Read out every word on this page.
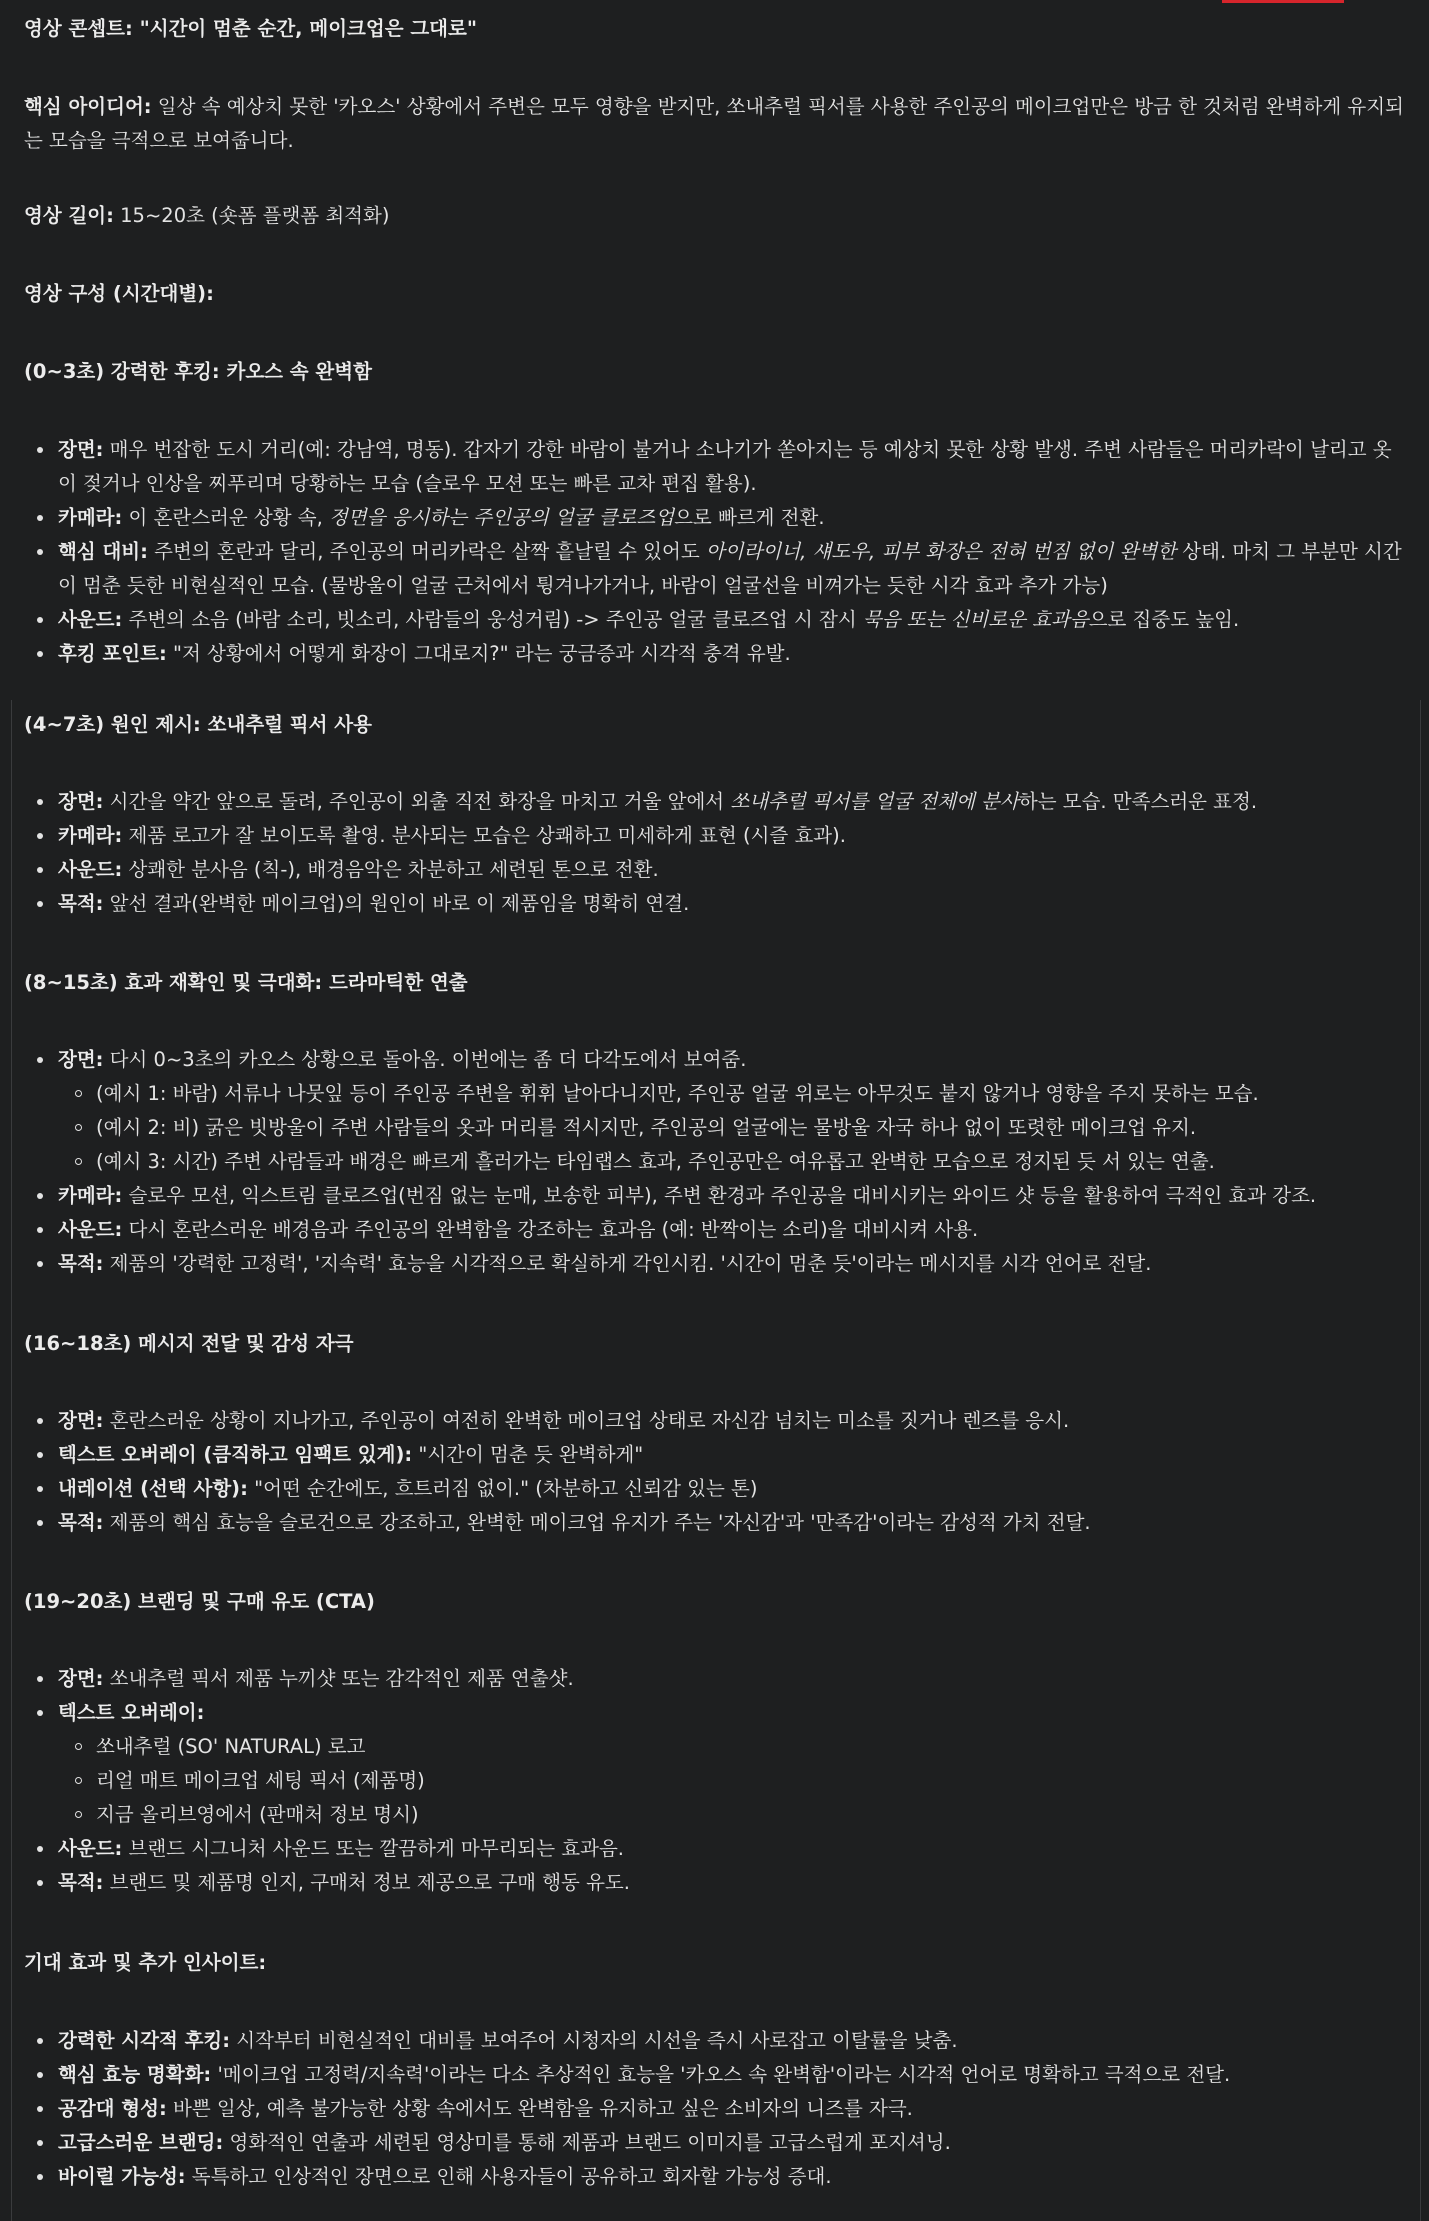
영상 콘셉트: "시간이 멈춘 순간, 메이크업은 그대로"

핵심 아이디어: 일상 속 예상치 못한 '카오스' 상황에서 주변은 모두 영향을 받지만, 쏘내추럴 픽서를 사용한 주인공의 메이크업만은 방금 한 것처럼 완벽하게 유지되는 모습을 극적으로 보여줍니다.

영상 길이: 15~20초 (숏폼 플랫폼 최적화)

영상 구성 (시간대별):

(0~3초) 강력한 후킹: 카오스 속 완벽함

장면: 매우 번잡한 도시 거리(예: 강남역, 명동). 갑자기 강한 바람이 불거나 소나기가 쏟아지는 등 예상치 못한 상황 발생. 주변 사람들은 머리카락이 날리고 옷이 젖거나 인상을 찌푸리며 당황하는 모습 (슬로우 모션 또는 빠른 교차 편집 활용).
카메라: 이 혼란스러운 상황 속, 정면을 응시하는 주인공의 얼굴 클로즈업으로 빠르게 전환.
핵심 대비: 주변의 혼란과 달리, 주인공의 머리카락은 살짝 흩날릴 수 있어도 아이라이너, 섀도우, 피부 화장은 전혀 번짐 없이 완벽한 상태. 마치 그 부분만 시간이 멈춘 듯한 비현실적인 모습. (물방울이 얼굴 근처에서 튕겨나가거나, 바람이 얼굴선을 비껴가는 듯한 시각 효과 추가 가능)
사운드: 주변의 소음 (바람 소리, 빗소리, 사람들의 웅성거림) -> 주인공 얼굴 클로즈업 시 잠시 묵음 또는 신비로운 효과음으로 집중도 높임.
후킹 포인트: "저 상황에서 어떻게 화장이 그대로지?" 라는 궁금증과 시각적 충격 유발.

(4~7초) 원인 제시: 쏘내추럴 픽서 사용

장면: 시간을 약간 앞으로 돌려, 주인공이 외출 직전 화장을 마치고 거울 앞에서 쏘내추럴 픽서를 얼굴 전체에 분사하는 모습. 만족스러운 표정.
카메라: 제품 로고가 잘 보이도록 촬영. 분사되는 모습은 상쾌하고 미세하게 표현 (시즐 효과).
사운드: 상쾌한 분사음 (칙-), 배경음악은 차분하고 세련된 톤으로 전환.
목적: 앞선 결과(완벽한 메이크업)의 원인이 바로 이 제품임을 명확히 연결.

(8~15초) 효과 재확인 및 극대화: 드라마틱한 연출

장면: 다시 0~3초의 카오스 상황으로 돌아옴. 이번에는 좀 더 다각도에서 보여줌.
(예시 1: 바람) 서류나 나뭇잎 등이 주인공 주변을 휘휘 날아다니지만, 주인공 얼굴 위로는 아무것도 붙지 않거나 영향을 주지 못하는 모습.
(예시 2: 비) 굵은 빗방울이 주변 사람들의 옷과 머리를 적시지만, 주인공의 얼굴에는 물방울 자국 하나 없이 또렷한 메이크업 유지.
(예시 3: 시간) 주변 사람들과 배경은 빠르게 흘러가는 타임랩스 효과, 주인공만은 여유롭고 완벽한 모습으로 정지된 듯 서 있는 연출.
카메라: 슬로우 모션, 익스트림 클로즈업(번짐 없는 눈매, 보송한 피부), 주변 환경과 주인공을 대비시키는 와이드 샷 등을 활용하여 극적인 효과 강조.
사운드: 다시 혼란스러운 배경음과 주인공의 완벽함을 강조하는 효과음 (예: 반짝이는 소리)을 대비시켜 사용.
목적: 제품의 '강력한 고정력', '지속력' 효능을 시각적으로 확실하게 각인시킴. '시간이 멈춘 듯'이라는 메시지를 시각 언어로 전달.

(16~18초) 메시지 전달 및 감성 자극

장면: 혼란스러운 상황이 지나가고, 주인공이 여전히 완벽한 메이크업 상태로 자신감 넘치는 미소를 짓거나 렌즈를 응시.
텍스트 오버레이 (큼직하고 임팩트 있게): "시간이 멈춘 듯 완벽하게"
내레이션 (선택 사항): "어떤 순간에도, 흐트러짐 없이." (차분하고 신뢰감 있는 톤)
목적: 제품의 핵심 효능을 슬로건으로 강조하고, 완벽한 메이크업 유지가 주는 '자신감'과 '만족감'이라는 감성적 가치 전달.

(19~20초) 브랜딩 및 구매 유도 (CTA)

장면: 쏘내추럴 픽서 제품 누끼샷 또는 감각적인 제품 연출샷.
텍스트 오버레이:
쏘내추럴 (SO' NATURAL) 로고
리얼 매트 메이크업 세팅 픽서 (제품명)
지금 올리브영에서 (판매처 정보 명시)
사운드: 브랜드 시그니처 사운드 또는 깔끔하게 마무리되는 효과음.
목적: 브랜드 및 제품명 인지, 구매처 정보 제공으로 구매 행동 유도.

기대 효과 및 추가 인사이트:

강력한 시각적 후킹: 시작부터 비현실적인 대비를 보여주어 시청자의 시선을 즉시 사로잡고 이탈률을 낮춤.
핵심 효능 명확화: '메이크업 고정력/지속력'이라는 다소 추상적인 효능을 '카오스 속 완벽함'이라는 시각적 언어로 명확하고 극적으로 전달.
공감대 형성: 바쁜 일상, 예측 불가능한 상황 속에서도 완벽함을 유지하고 싶은 소비자의 니즈를 자극.
고급스러운 브랜딩: 영화적인 연출과 세련된 영상미를 통해 제품과 브랜드 이미지를 고급스럽게 포지셔닝.
바이럴 가능성: 독특하고 인상적인 장면으로 인해 사용자들이 공유하고 회자할 가능성 증대.
